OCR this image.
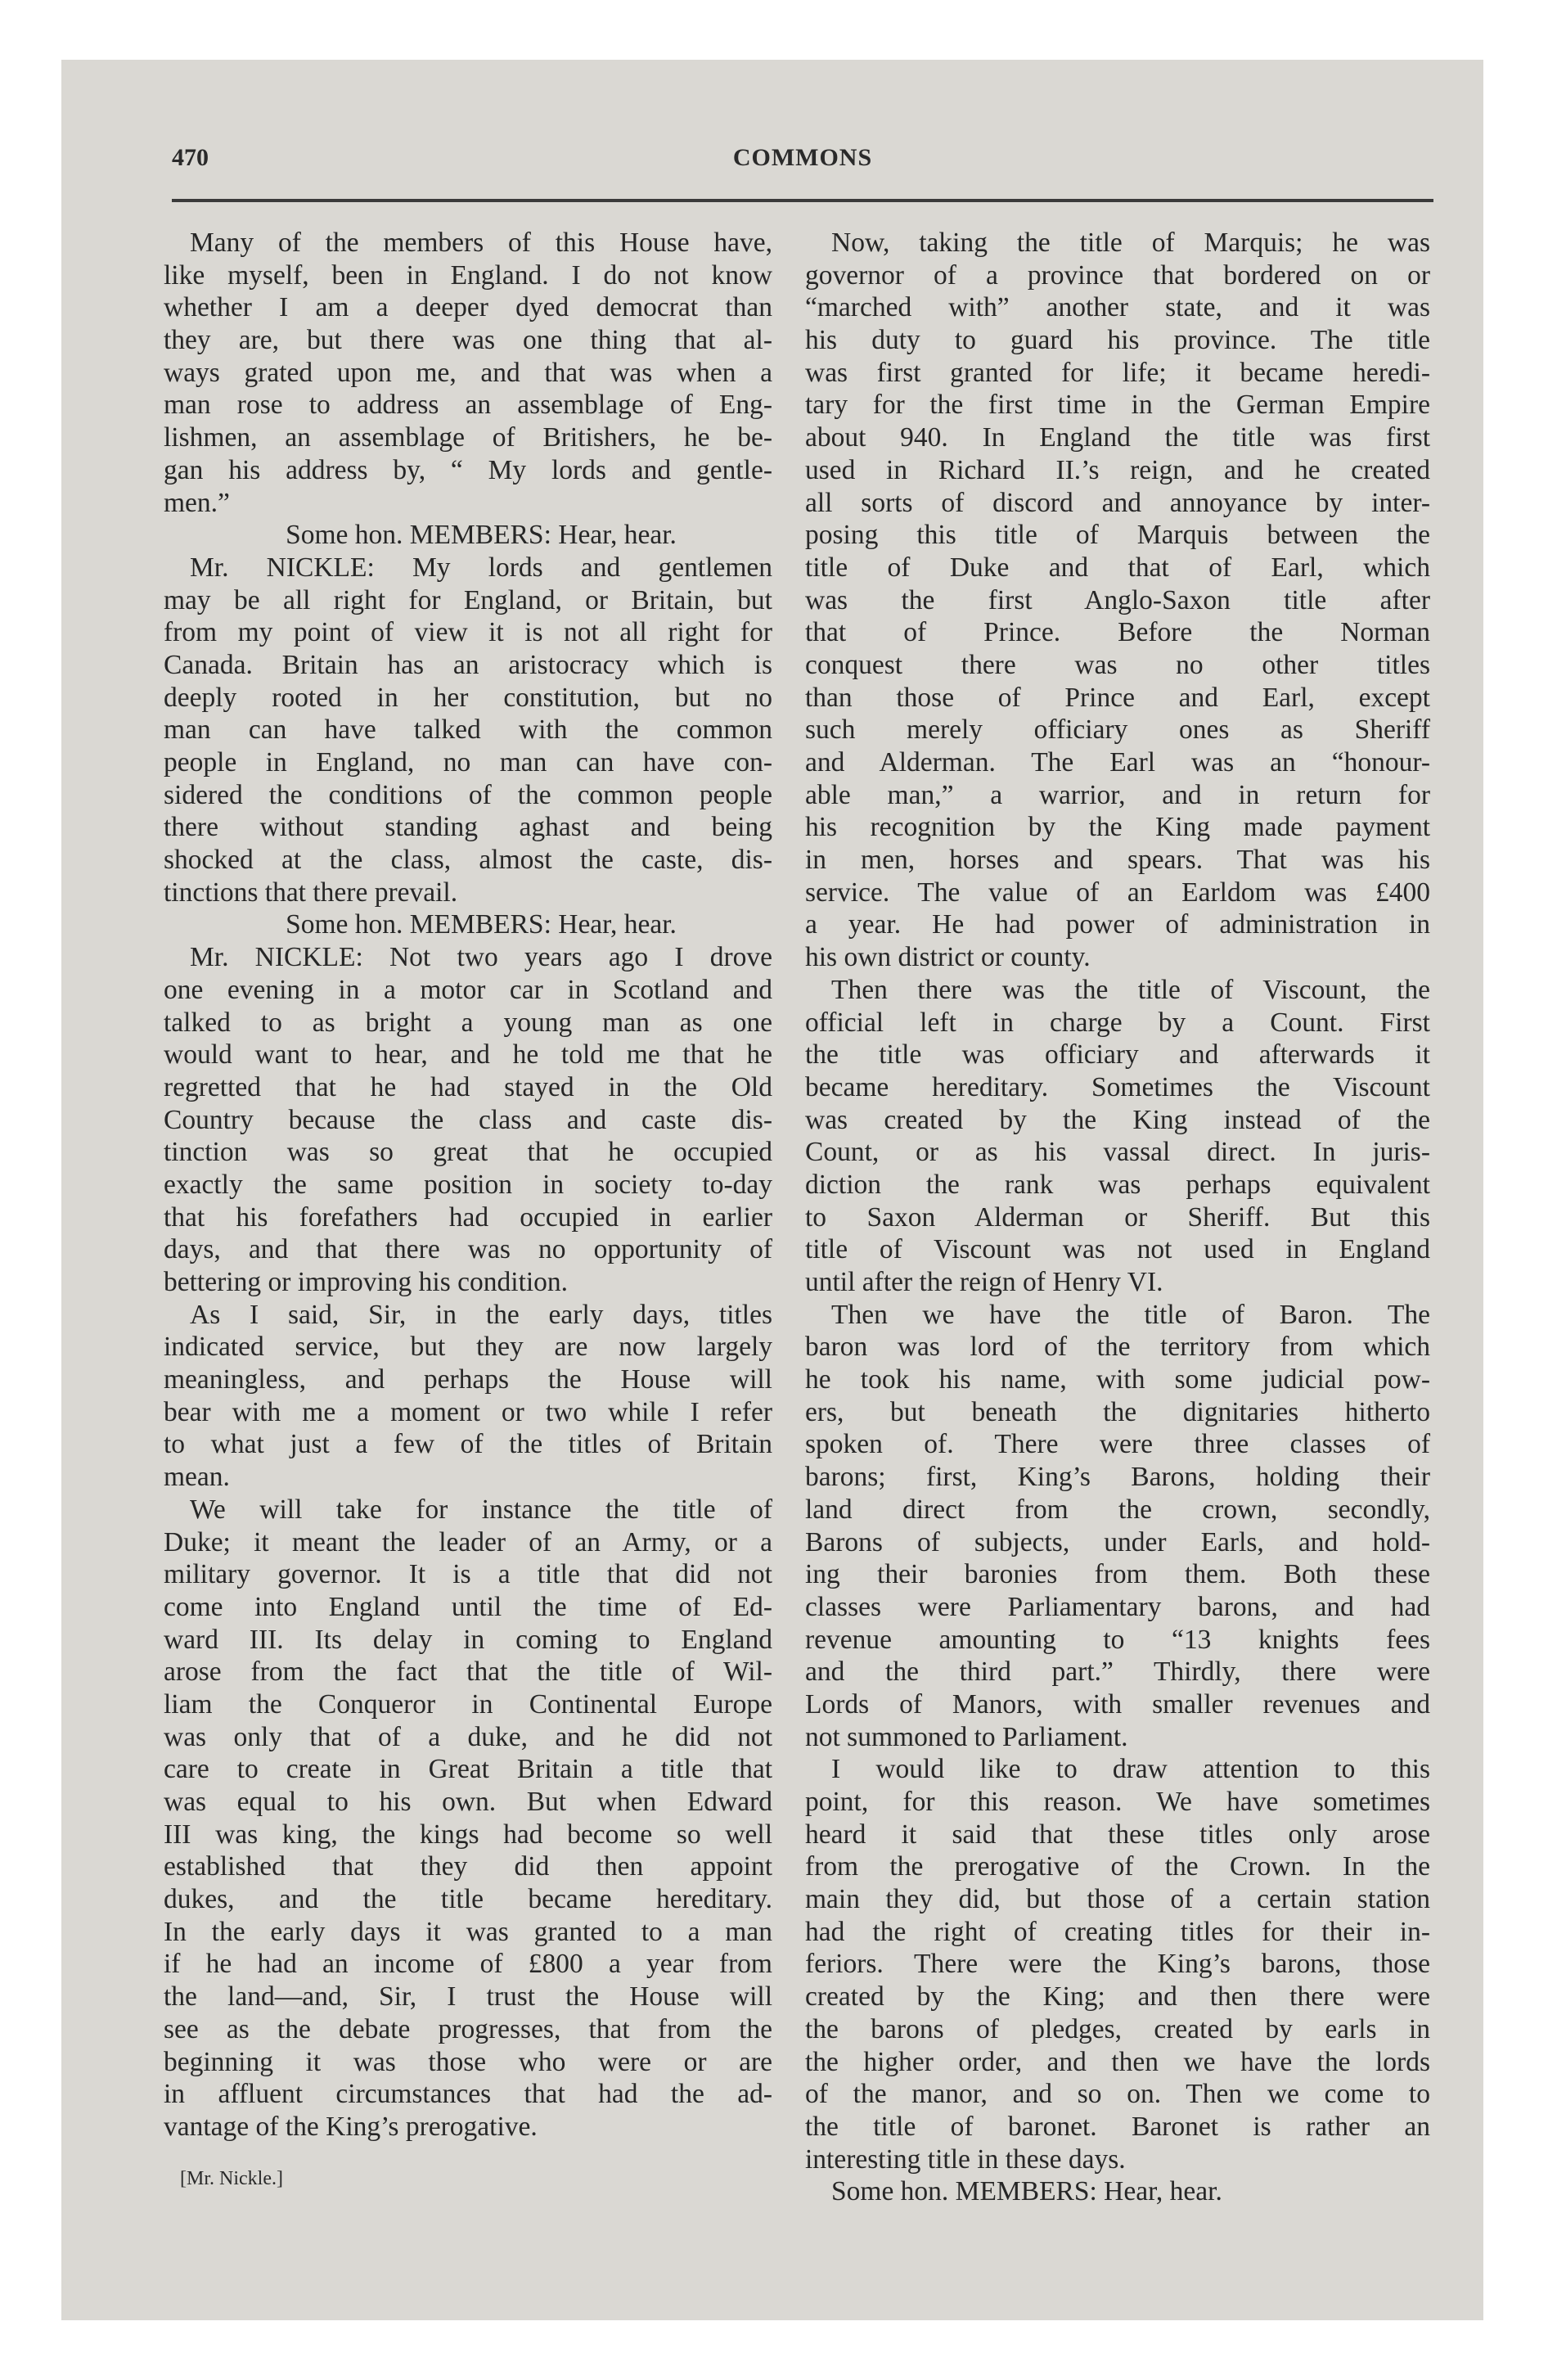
470	COMMONS
Many of the members of this House have,
like myself, been in England. I do not know
whether I am a deeper dyed democrat than
they are, but there was one thing that al-
ways grated upon me, and that was when a
man rose to address an assemblage of Eng-
lishmen, an assemblage of Britishers, he be-
gan his address by, “ My lords and gentle-
men.”
Some hon. MEMBERS: Hear, hear.
Mr. NICKLE: My lords and gentlemen
may be all right for England, or Britain, but
from my point of view it is not all right for
Canada. Britain has an aristocracy which is
deeply rooted in her constitution, but no
man can have talked with the common
people in England, no man can have con-
sidered the conditions of the common people
there without standing aghast and being
shocked at the class, almost the caste, dis-
tinctions that there prevail.
Some hon. MEMBERS: Hear, hear.
Mr. NICKLE: Not two years ago I drove
one evening in a motor car in Scotland and
talked to as bright a young man as one
would want to hear, and he told me that he
regretted that he had stayed in the Old
Country because the class and caste dis-
tinction was so great that he occupied
exactly the same position in society to-day
that his forefathers had occupied in earlier
days, and that there was no opportunity of
bettering or improving his condition.
As I said, Sir, in the early days, titles
indicated service, but they are now largely
meaningless, and perhaps the House will
bear with me a moment or two while I refer
to what just a few of the titles of Britain
mean.
We will take for instance the title of
Duke; it meant the leader of an Army, or a
military governor. It is a title that did not
come into England until the time of Ed-
ward III. Its delay in coming to England
arose from the fact that the title of Wil-
liam the Conqueror in Continental Europe
was only that of a duke, and he did not
care to create in Great Britain a title that
was equal to his own. But when Edward
III was king, the kings had become so well
established that they did then appoint
dukes, and the title became hereditary.
In the early days it was granted to a man
if he had an income of £800 a year from
the land—and, Sir, I trust the House will
see as the debate progresses, that from the
beginning it was those who were or are
in affluent circumstances that had the ad-
vantage of the King’s prerogative.
Now, taking the title of Marquis; he was
governor of a province that bordered on or
“marched with” another state, and it was
his duty to guard his province. The title
was first granted for life; it became heredi-
tary for the first time in the German Empire
about 940. In England the title was first
used in Richard II.’s reign, and he created
all sorts of discord and annoyance by inter-
posing this title of Marquis between the
title of Duke and that of Earl, which
was the first Anglo-Saxon title after
that of Prince. Before the Norman
conquest there was no other titles
than those of Prince and Earl, except
such merely officiary ones as Sheriff
and Alderman. The Earl was an “honour-
able man,” a warrior, and in return for
his recognition by the King made payment
in men, horses and spears. That was his
service. The value of an Earldom was £400
a year. He had power of administration in
his own district or county.
Then there was the title of Viscount, the
official left in charge by a Count. First
the title was officiary and afterwards it
became hereditary. Sometimes the Viscount
was created by the King instead of the
Count, or as his vassal direct. In juris-
diction the rank was perhaps equivalent
to Saxon Alderman or Sheriff. But this
title of Viscount was not used in England
until after the reign of Henry VI.
Then we have the title of Baron. The
baron was lord of the territory from which
he took his name, with some judicial pow-
ers, but beneath the dignitaries hitherto
spoken of. There were three classes of
barons; first, King’s Barons, holding their
land direct from the crown, secondly,
Barons of subjects, under Earls, and hold-
ing their baronies from them. Both these
classes were Parliamentary barons, and had
revenue amounting to “13 knights fees
and the third part.” Thirdly, there were
Lords of Manors, with smaller revenues and
not summoned to Parliament.
I would like to draw attention to this
point, for this reason. We have sometimes
heard it said that these titles only arose
from the prerogative of the Crown. In the
main they did, but those of a certain station
had the right of creating titles for their in-
feriors. There were the King’s barons, those
created by the King; and then there were
the barons of pledges, created by earls in
the higher order, and then we have the lords
of the manor, and so on. Then we come to
the title of baronet. Baronet is rather an
interesting title in these days.
Some hon. MEMBERS: Hear, hear.
[Mr. Nickle.]
